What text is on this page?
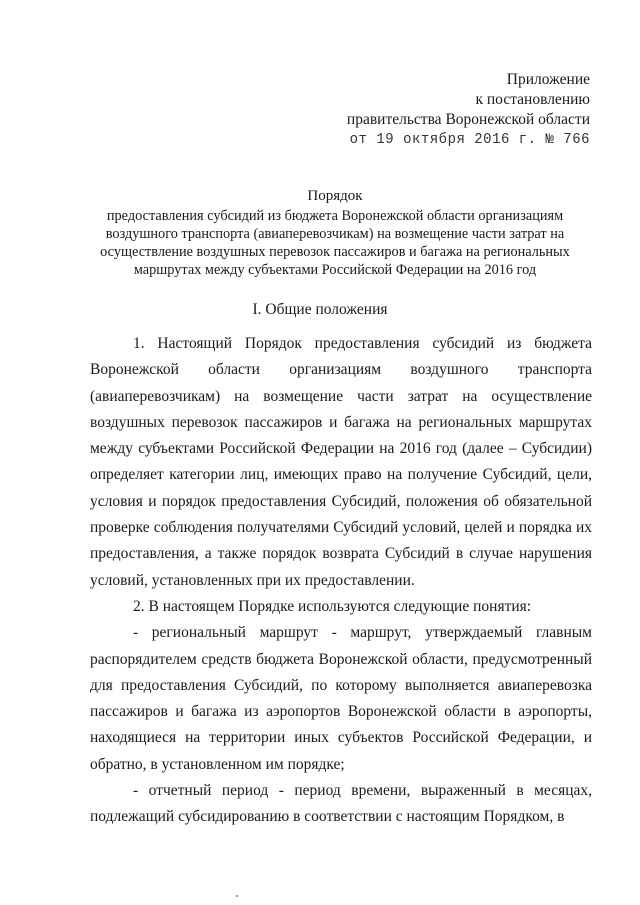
Приложение
к постановлению
правительства Воронежской области
от 19 октября 2016 г. № 766
Порядок
предоставления субсидий из бюджета Воронежской области организациям
воздушного транспорта (авиаперевозчикам) на возмещение части затрат на
осуществление воздушных перевозок пассажиров и багажа на региональных
маршрутах между субъектами Российской Федерации на 2016 год
I. Общие положения

1. Настоящий Порядок предоставления субсидий из бюджета Воронежской области организациям воздушного транспорта (авиаперевозчикам) на возмещение части затрат на осуществление воздушных перевозок пассажиров и багажа на региональных маршрутах между субъектами Российской Федерации на 2016 год (далее – Субсидии) определяет категории лиц, имеющих право на получение Субсидий, цели, условия и порядок предоставления Субсидий, положения об обязательной проверке соблюдения получателями Субсидий условий, целей и порядка их предоставления, а также порядок возврата Субсидий в случае нарушения условий, установленных при их предоставлении.

2. В настоящем Порядке используются следующие понятия:

- региональный маршрут - маршрут, утверждаемый главным распорядителем средств бюджета Воронежской области, предусмотренный для предоставления Субсидий, по которому выполняется авиаперевозка пассажиров и багажа из аэропортов Воронежской области в аэропорты, находящиеся на территории иных субъектов Российской Федерации, и обратно, в установленном им порядке;

- отчетный период - период времени, выраженный в месяцах, подлежащий субсидированию в соответствии с настоящим Порядком, в
